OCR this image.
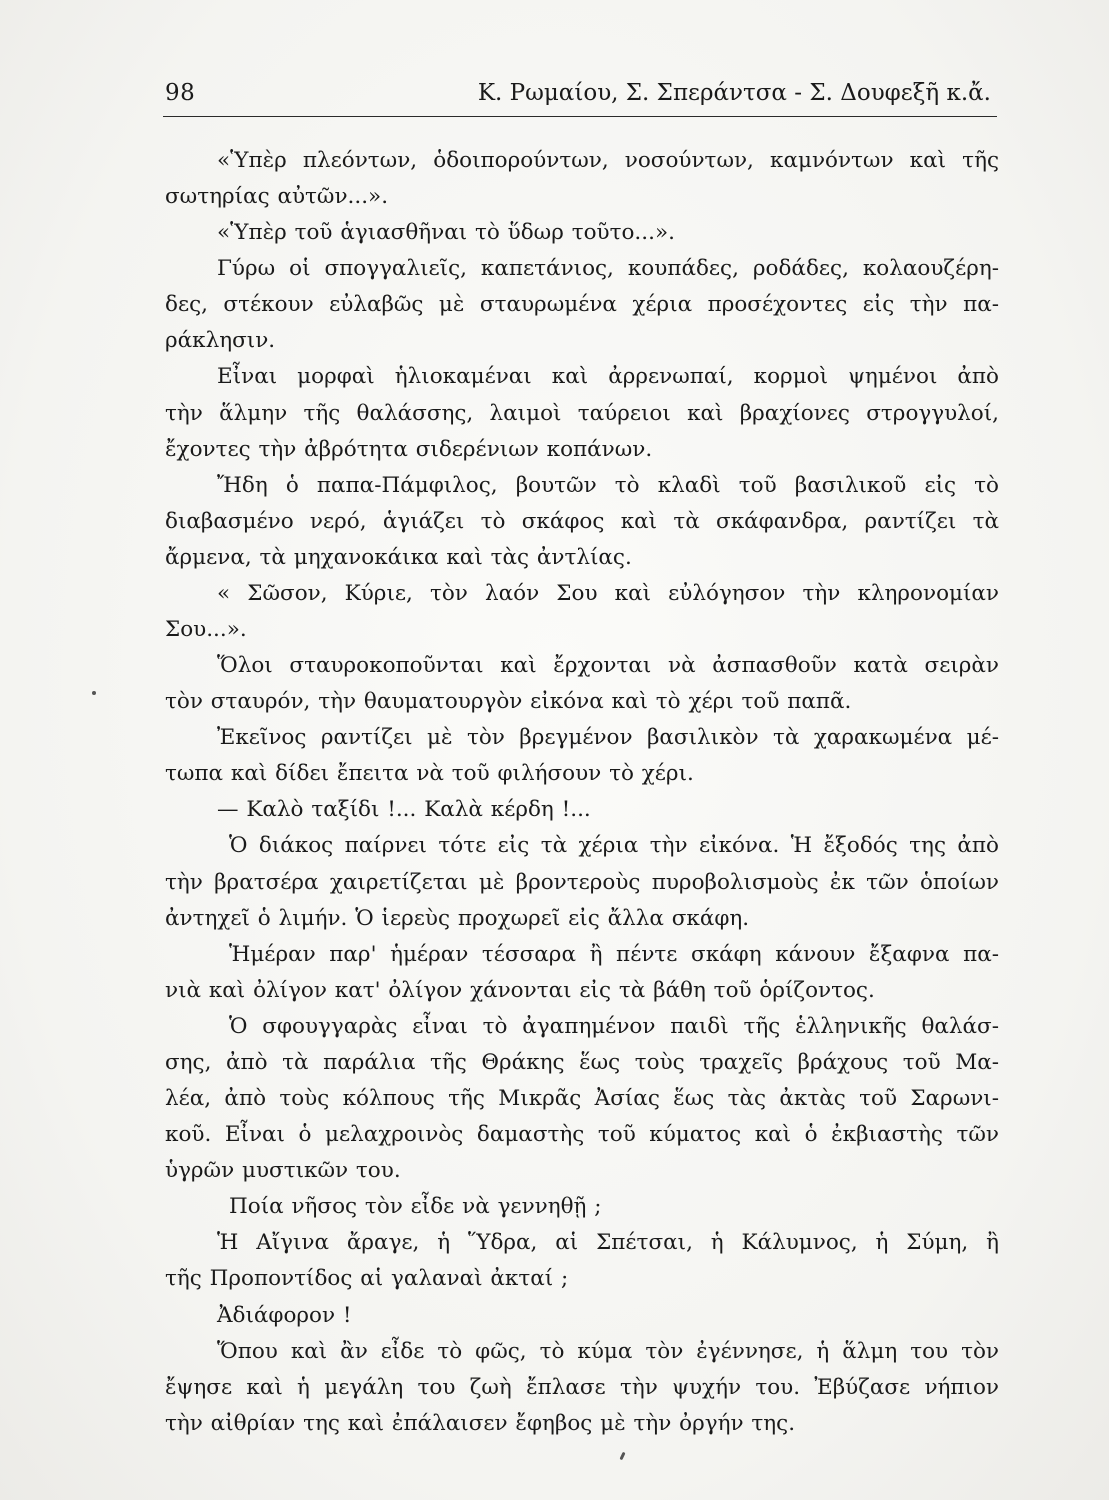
98	Κ. Ρωμαίου, Σ. Σπεράντσα - Σ. Δουφεξῆ κ.ἄ.
«Ὑπὲρ πλεόντων, ὁδοιπορούντων, νοσούντων, καμνόντων καὶ τῆς
σωτηρίας αὐτῶν...».
«Ὑπὲρ τοῦ ἁγιασθῆναι τὸ ὕδωρ τοῦτο...».
Γύρω οἱ σπογγαλιεῖς, καπετάνιος, κουπάδες, ροδάδες, κολαουζέρη-
δες, στέκουν εὐλαβῶς μὲ σταυρωμένα χέρια προσέχοντες εἰς τὴν πα-
ράκλησιν.
Εἶναι μορφαὶ ἡλιοκαμέναι καὶ ἀρρενωπαί, κορμοὶ ψημένοι ἀπὸ
τὴν ἅλμην τῆς θαλάσσης, λαιμοὶ ταύρειοι καὶ βραχίονες στρογγυλοί,
ἔχοντες τὴν ἀβρότητα σιδερένιων κοπάνων.
Ἤδη ὁ παπα-Πάμφιλος, βουτῶν τὸ κλαδὶ τοῦ βασιλικοῦ εἰς τὸ
διαβασμένο νερό, ἁγιάζει τὸ σκάφος καὶ τὰ σκάφανδρα, ραντίζει τὰ
ἄρμενα, τὰ μηχανοκάικα καὶ τὰς ἀντλίας.
« Σῶσον, Κύριε, τὸν λαόν Σου καὶ εὐλόγησον τὴν κληρονομίαν
Σου...».
Ὅλοι σταυροκοποῦνται καὶ ἔρχονται νὰ ἀσπασθοῦν κατὰ σειρὰν
τὸν σταυρόν, τὴν θαυματουργὸν εἰκόνα καὶ τὸ χέρι τοῦ παπᾶ.
Ἐκεῖνος ραντίζει μὲ τὸν βρεγμένον βασιλικὸν τὰ χαρακωμένα μέ-
τωπα καὶ δίδει ἔπειτα νὰ τοῦ φιλήσουν τὸ χέρι.
— Καλὸ ταξίδι !... Καλὰ κέρδη !...
Ὁ διάκος παίρνει τότε εἰς τὰ χέρια τὴν εἰκόνα. Ἡ ἔξοδός της ἀπὸ
τὴν βρατσέρα χαιρετίζεται μὲ βροντεροὺς πυροβολισμοὺς ἐκ τῶν ὁποίων
ἀντηχεῖ ὁ λιμήν. Ὁ ἱερεὺς προχωρεῖ εἰς ἄλλα σκάφη.
Ἡμέραν παρ' ἡμέραν τέσσαρα ἢ πέντε σκάφη κάνουν ἔξαφνα πα-
νιὰ καὶ ὀλίγον κατ' ὀλίγον χάνονται εἰς τὰ βάθη τοῦ ὁρίζοντος.
Ὁ σφουγγαρὰς εἶναι τὸ ἀγαπημένον παιδὶ τῆς ἑλληνικῆς θαλάσ-
σης, ἀπὸ τὰ παράλια τῆς Θράκης ἕως τοὺς τραχεῖς βράχους τοῦ Μα-
λέα, ἀπὸ τοὺς κόλπους τῆς Μικρᾶς Ἀσίας ἕως τὰς ἀκτὰς τοῦ Σαρωνι-
κοῦ. Εἶναι ὁ μελαχροινὸς δαμαστὴς τοῦ κύματος καὶ ὁ ἐκβιαστὴς τῶν
ὑγρῶν μυστικῶν του.
Ποία νῆσος τὸν εἶδε νὰ γεννηθῇ ;
Ἡ Αἴγινα ἄραγε, ἡ Ὕδρα, αἱ Σπέτσαι, ἡ Κάλυμνος, ἡ Σύμη, ἢ
τῆς Προποντίδος αἱ γαλαναὶ ἀκταί ;
Ἀδιάφορον !
Ὅπου καὶ ἂν εἶδε τὸ φῶς, τὸ κύμα τὸν ἐγέννησε, ἡ ἅλμη του τὸν
ἔψησε καὶ ἡ μεγάλη του ζωὴ ἔπλασε τὴν ψυχήν του. Ἐβύζασε νήπιον
τὴν αἰθρίαν της καὶ ἐπάλαισεν ἔφηβος μὲ τὴν ὀργήν της.
